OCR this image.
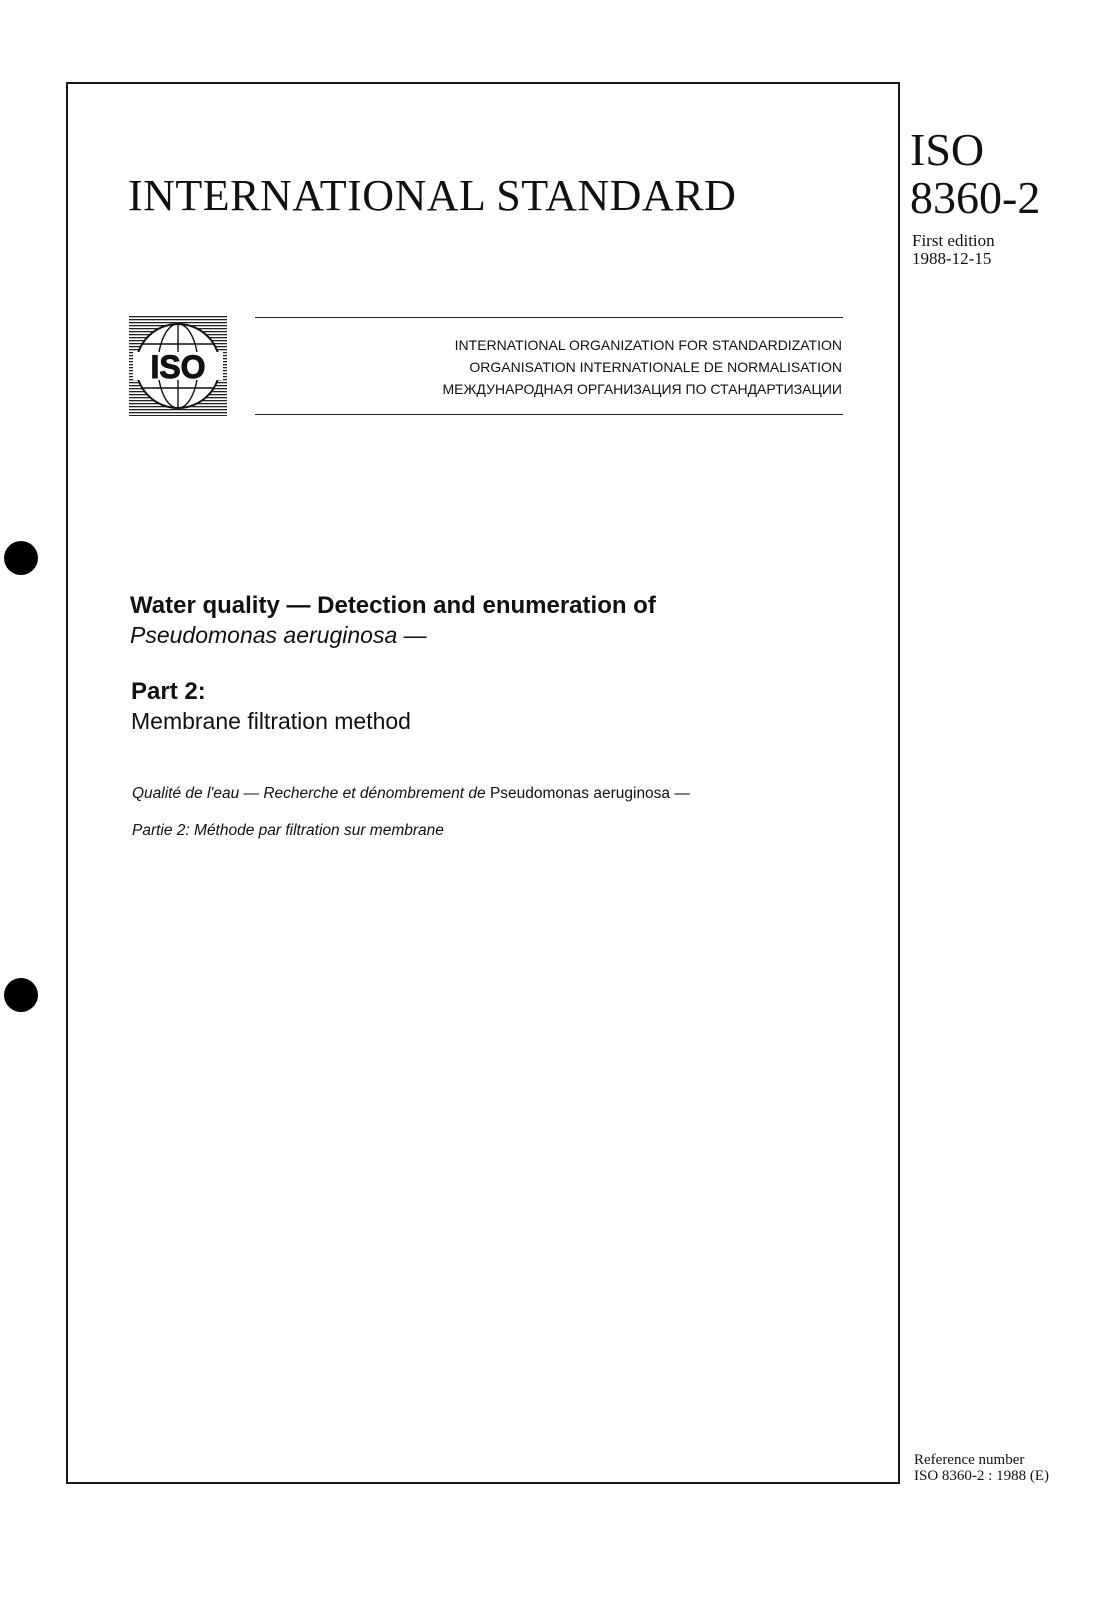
INTERNATIONAL STANDARD
ISO
8360-2
First edition
1988-12-15
ISO
INTERNATIONAL ORGANIZATION FOR STANDARDIZATION
ORGANISATION INTERNATIONALE DE NORMALISATION
МЕЖДУНАРОДНАЯ ОРГАНИЗАЦИЯ ПО СТАНДАРТИЗАЦИИ
Water quality — Detection and enumeration of
Pseudomonas aeruginosa —
Part 2:
Membrane filtration method
Qualité de l'eau — Recherche et dénombrement de Pseudomonas aeruginosa —
Partie 2: Méthode par filtration sur membrane
Reference number
ISO 8360-2 : 1988 (E)
